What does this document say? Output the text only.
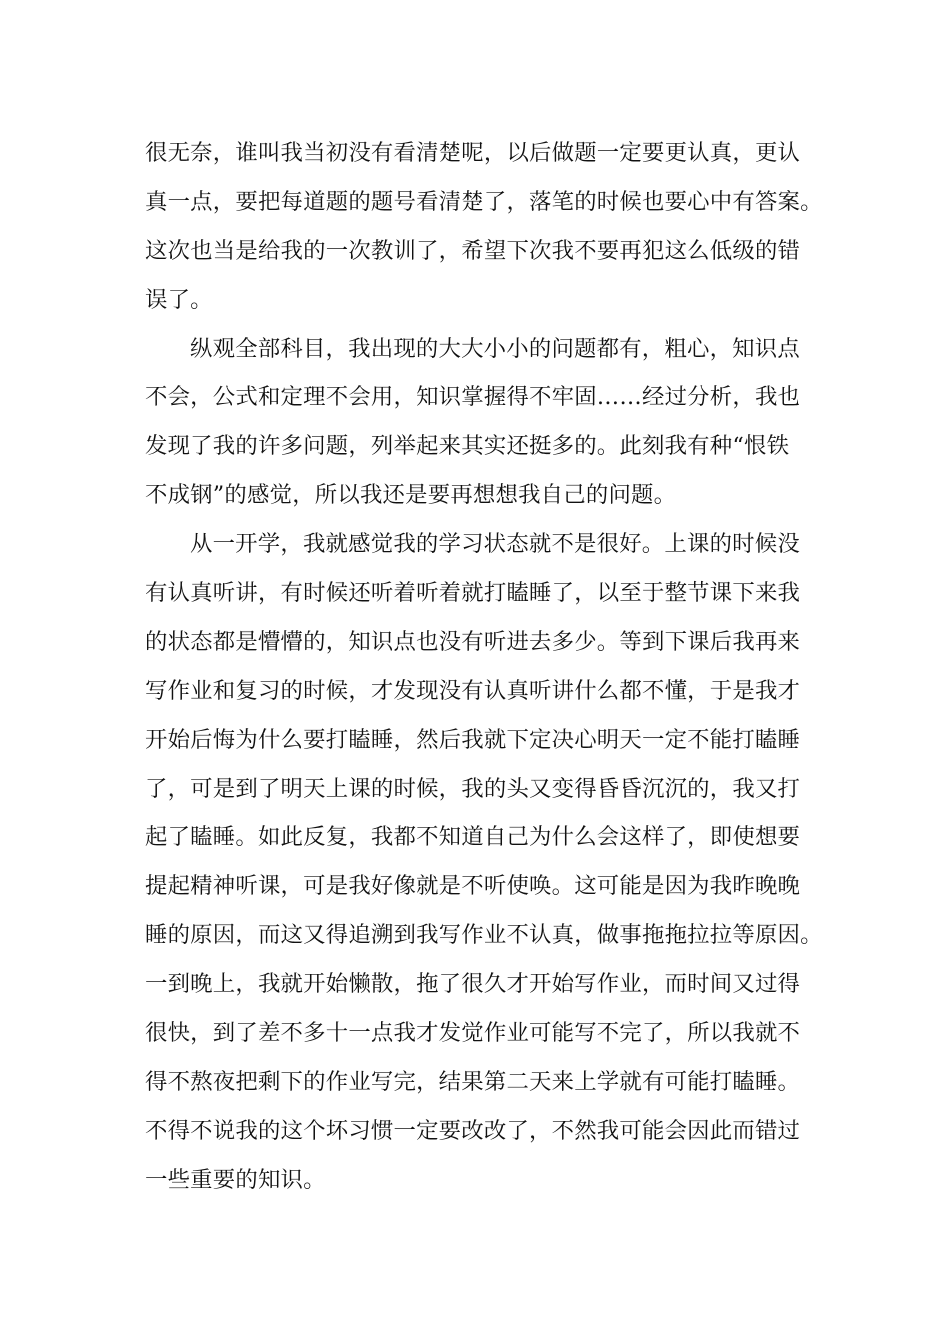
很无奈，谁叫我当初没有看清楚呢，以后做题一定要更认真，更认
真一点，要把每道题的题号看清楚了，落笔的时候也要心中有答案。
这次也当是给我的一次教训了，希望下次我不要再犯这么低级的错
误了。
纵观全部科目，我出现的大大小小的问题都有，粗心，知识点
不会，公式和定理不会用，知识掌握得不牢固……经过分析，我也
发现了我的许多问题，列举起来其实还挺多的。此刻我有种“恨铁
不成钢”的感觉，所以我还是要再想想我自己的问题。
从一开学，我就感觉我的学习状态就不是很好。上课的时候没
有认真听讲，有时候还听着听着就打瞌睡了，以至于整节课下来我
的状态都是懵懵的，知识点也没有听进去多少。等到下课后我再来
写作业和复习的时候，才发现没有认真听讲什么都不懂，于是我才
开始后悔为什么要打瞌睡，然后我就下定决心明天一定不能打瞌睡
了，可是到了明天上课的时候，我的头又变得昏昏沉沉的，我又打
起了瞌睡。如此反复，我都不知道自己为什么会这样了，即使想要
提起精神听课，可是我好像就是不听使唤。这可能是因为我昨晚晚
睡的原因，而这又得追溯到我写作业不认真，做事拖拖拉拉等原因。
一到晚上，我就开始懒散，拖了很久才开始写作业，而时间又过得
很快，到了差不多十一点我才发觉作业可能写不完了，所以我就不
得不熬夜把剩下的作业写完，结果第二天来上学就有可能打瞌睡。
不得不说我的这个坏习惯一定要改改了，不然我可能会因此而错过
一些重要的知识。
